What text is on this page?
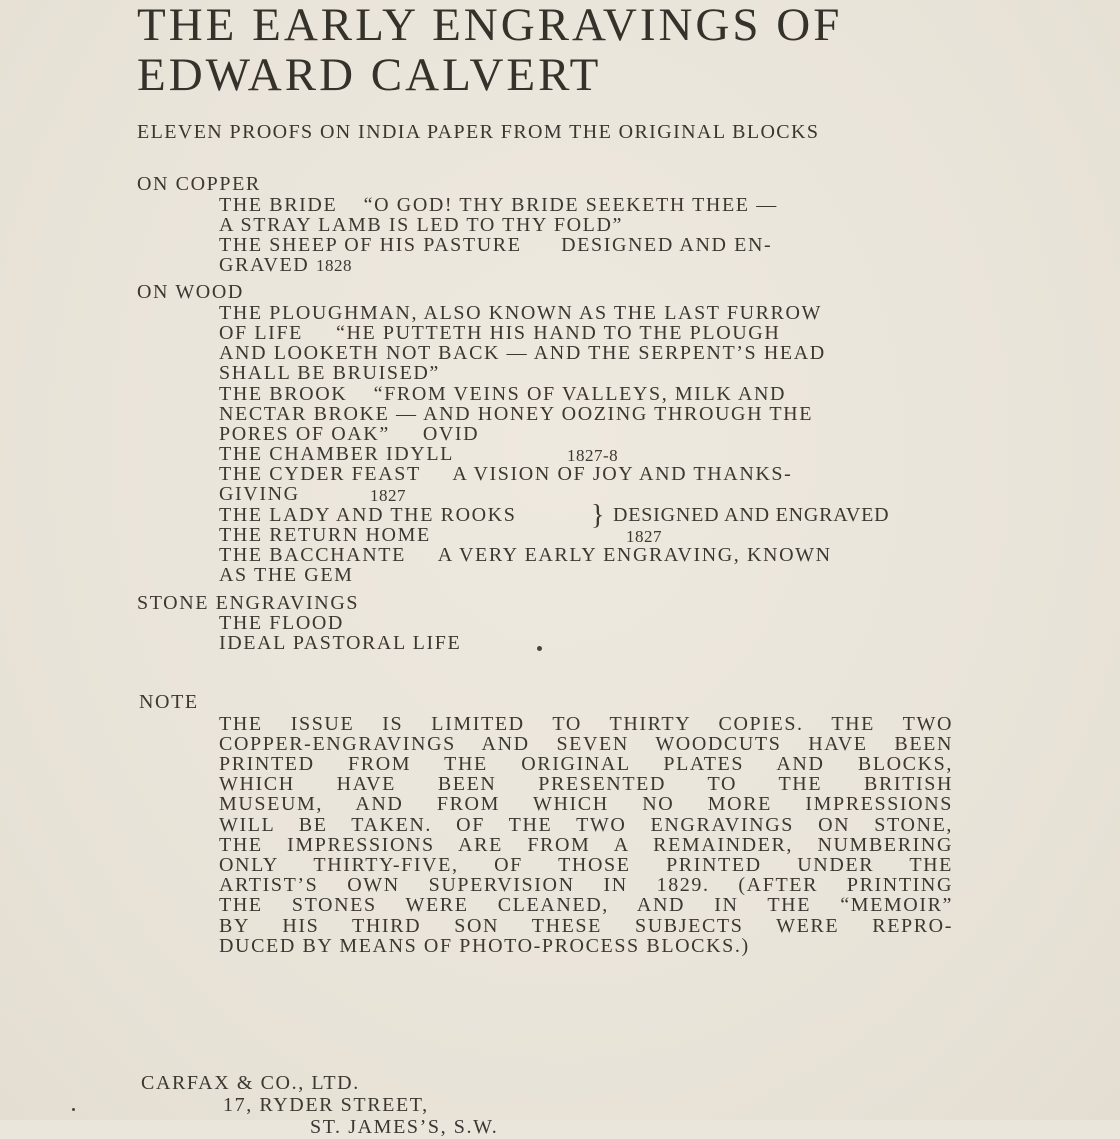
THE EARLY ENGRAVINGS OF
EDWARD CALVERT
ELEVEN PROOFS ON INDIA PAPER FROM THE ORIGINAL BLOCKS
ON COPPER
THE BRIDE    “O GOD! THY BRIDE SEEKETH THEE —
A STRAY LAMB IS LED TO THY FOLD”
THE SHEEP OF HIS PASTURE      DESIGNED AND EN-
GRAVED 1828
ON WOOD
THE PLOUGHMAN, ALSO KNOWN AS THE LAST FURROW
OF LIFE     “HE PUTTETH HIS HAND TO THE PLOUGH
AND LOOKETH NOT BACK — AND THE SERPENT’S HEAD
SHALL BE BRUISED”
THE BROOK    “FROM VEINS OF VALLEYS, MILK AND
NECTAR BROKE — AND HONEY OOZING THROUGH THE
PORES OF OAK”     OVID
THE CHAMBER IDYLL	1827-8
THE CYDER FEAST     A VISION OF JOY AND THANKS-
GIVING	1827
THE LADY AND THE ROOKS	} DESIGNED AND ENGRAVED
THE RETURN HOME	1827
THE BACCHANTE     A VERY EARLY ENGRAVING, KNOWN
AS THE GEM
STONE ENGRAVINGS
THE FLOOD
IDEAL PASTORAL LIFE
NOTE
THE ISSUE IS LIMITED TO THIRTY COPIES. THE TWO
COPPER-ENGRAVINGS AND SEVEN WOODCUTS HAVE BEEN
PRINTED FROM THE ORIGINAL PLATES AND BLOCKS,
WHICH HAVE BEEN PRESENTED TO THE BRITISH
MUSEUM, AND FROM WHICH NO MORE IMPRESSIONS
WILL BE TAKEN. OF THE TWO ENGRAVINGS ON STONE,
THE IMPRESSIONS ARE FROM A REMAINDER, NUMBERING
ONLY THIRTY-FIVE, OF THOSE PRINTED UNDER THE
ARTIST’S OWN SUPERVISION IN 1829. (AFTER PRINTING
THE STONES WERE CLEANED, AND IN THE “MEMOIR”
BY HIS THIRD SON THESE SUBJECTS WERE REPRO-
DUCED BY MEANS OF PHOTO-PROCESS BLOCKS.)
CARFAX & CO., LTD.
17, RYDER STREET,
ST. JAMES’S, S.W.
